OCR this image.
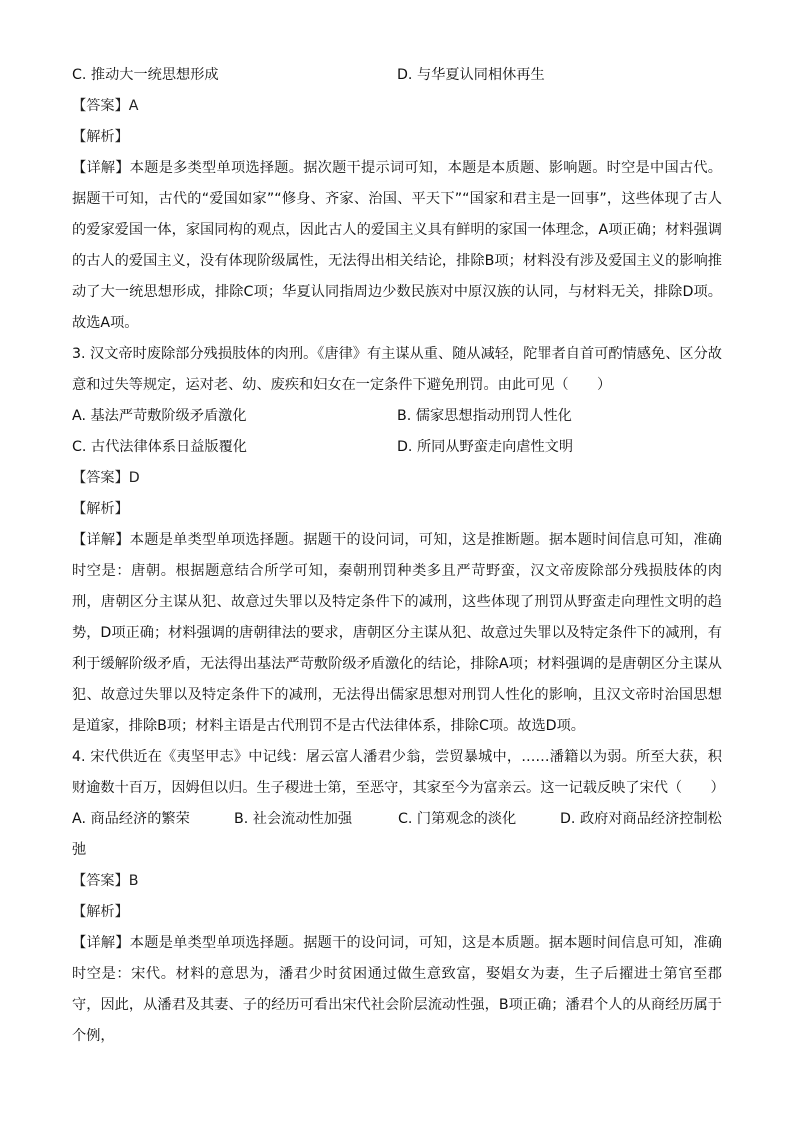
C. 推动大一统思想形成	D. 与华夏认同相休再生
【答案】A
【解析】
【详解】本题是多类型单项选择题。据次题干提示词可知，本题是本质题、影响题。时空是中国古代。据题干可知，古代的“爱国如家”“修身、齐家、治国、平天下”“国家和君主是一回事”，这些体现了古人的爱家爱国一体，家国同构的观点，因此古人的爱国主义具有鲜明的家国一体理念，A项正确；材料强调的古人的爱国主义，没有体现阶级属性，无法得出相关结论，排除B项；材料没有涉及爱国主义的影响推动了大一统思想形成，排除C项；华夏认同指周边少数民族对中原汉族的认同，与材料无关，排除D项。故选A项。
3. 汉文帝时废除部分残损肢体的肉刑。《唐律》有主谋从重、随从减轻，陀罪者自首可酌情感免、区分故意和过失等规定，运对老、幼、废疾和妇女在一定条件下避免刑罚。由此可见（　　）
A. 基法严苛敷阶级矛盾激化	B. 儒家思想指动刑罚人性化
C. 古代法律体系日益版覆化	D. 所同从野蛮走向虐性文明
【答案】D
【解析】
【详解】本题是单类型单项选择题。据题干的设问词，可知，这是推断题。据本题时间信息可知，准确时空是：唐朝。根据题意结合所学可知，秦朝刑罚种类多且严苛野蛮，汉文帝废除部分残损肢体的肉刑，唐朝区分主谋从犯、故意过失罪以及特定条件下的减刑，这些体现了刑罚从野蛮走向理性文明的趋势，D项正确；材料强调的唐朝律法的要求，唐朝区分主谋从犯、故意过失罪以及特定条件下的减刑，有利于缓解阶级矛盾，无法得出基法严苛敷阶级矛盾激化的结论，排除A项；材料强调的是唐朝区分主谋从犯、故意过失罪以及特定条件下的减刑，无法得出儒家思想对刑罚人性化的影响，且汉文帝时治国思想是道家，排除B项；材料主语是古代刑罚不是古代法律体系，排除C项。故选D项。
4. 宋代供近在《夷坚甲志》中记线：屠云富人潘君少翁，尝贸暴城中，……潘籍以为弱。所至大获，积财逾数十百万，因姆但以归。生子稷进士第，至恶守，其家至今为富亲云。这一记载反映了宋代（　　）
A. 商品经济的繁荣	B. 社会流动性加强	C. 门第观念的淡化	D. 政府对商品经济控制松
弛
【答案】B
【解析】
【详解】本题是单类型单项选择题。据题干的设问词，可知，这是本质题。据本题时间信息可知，准确时空是：宋代。材料的意思为，潘君少时贫困通过做生意致富，娶娼女为妻，生子后擢进士第官至郡守，因此，从潘君及其妻、子的经历可看出宋代社会阶层流动性强，B项正确；潘君个人的从商经历属于个例，
